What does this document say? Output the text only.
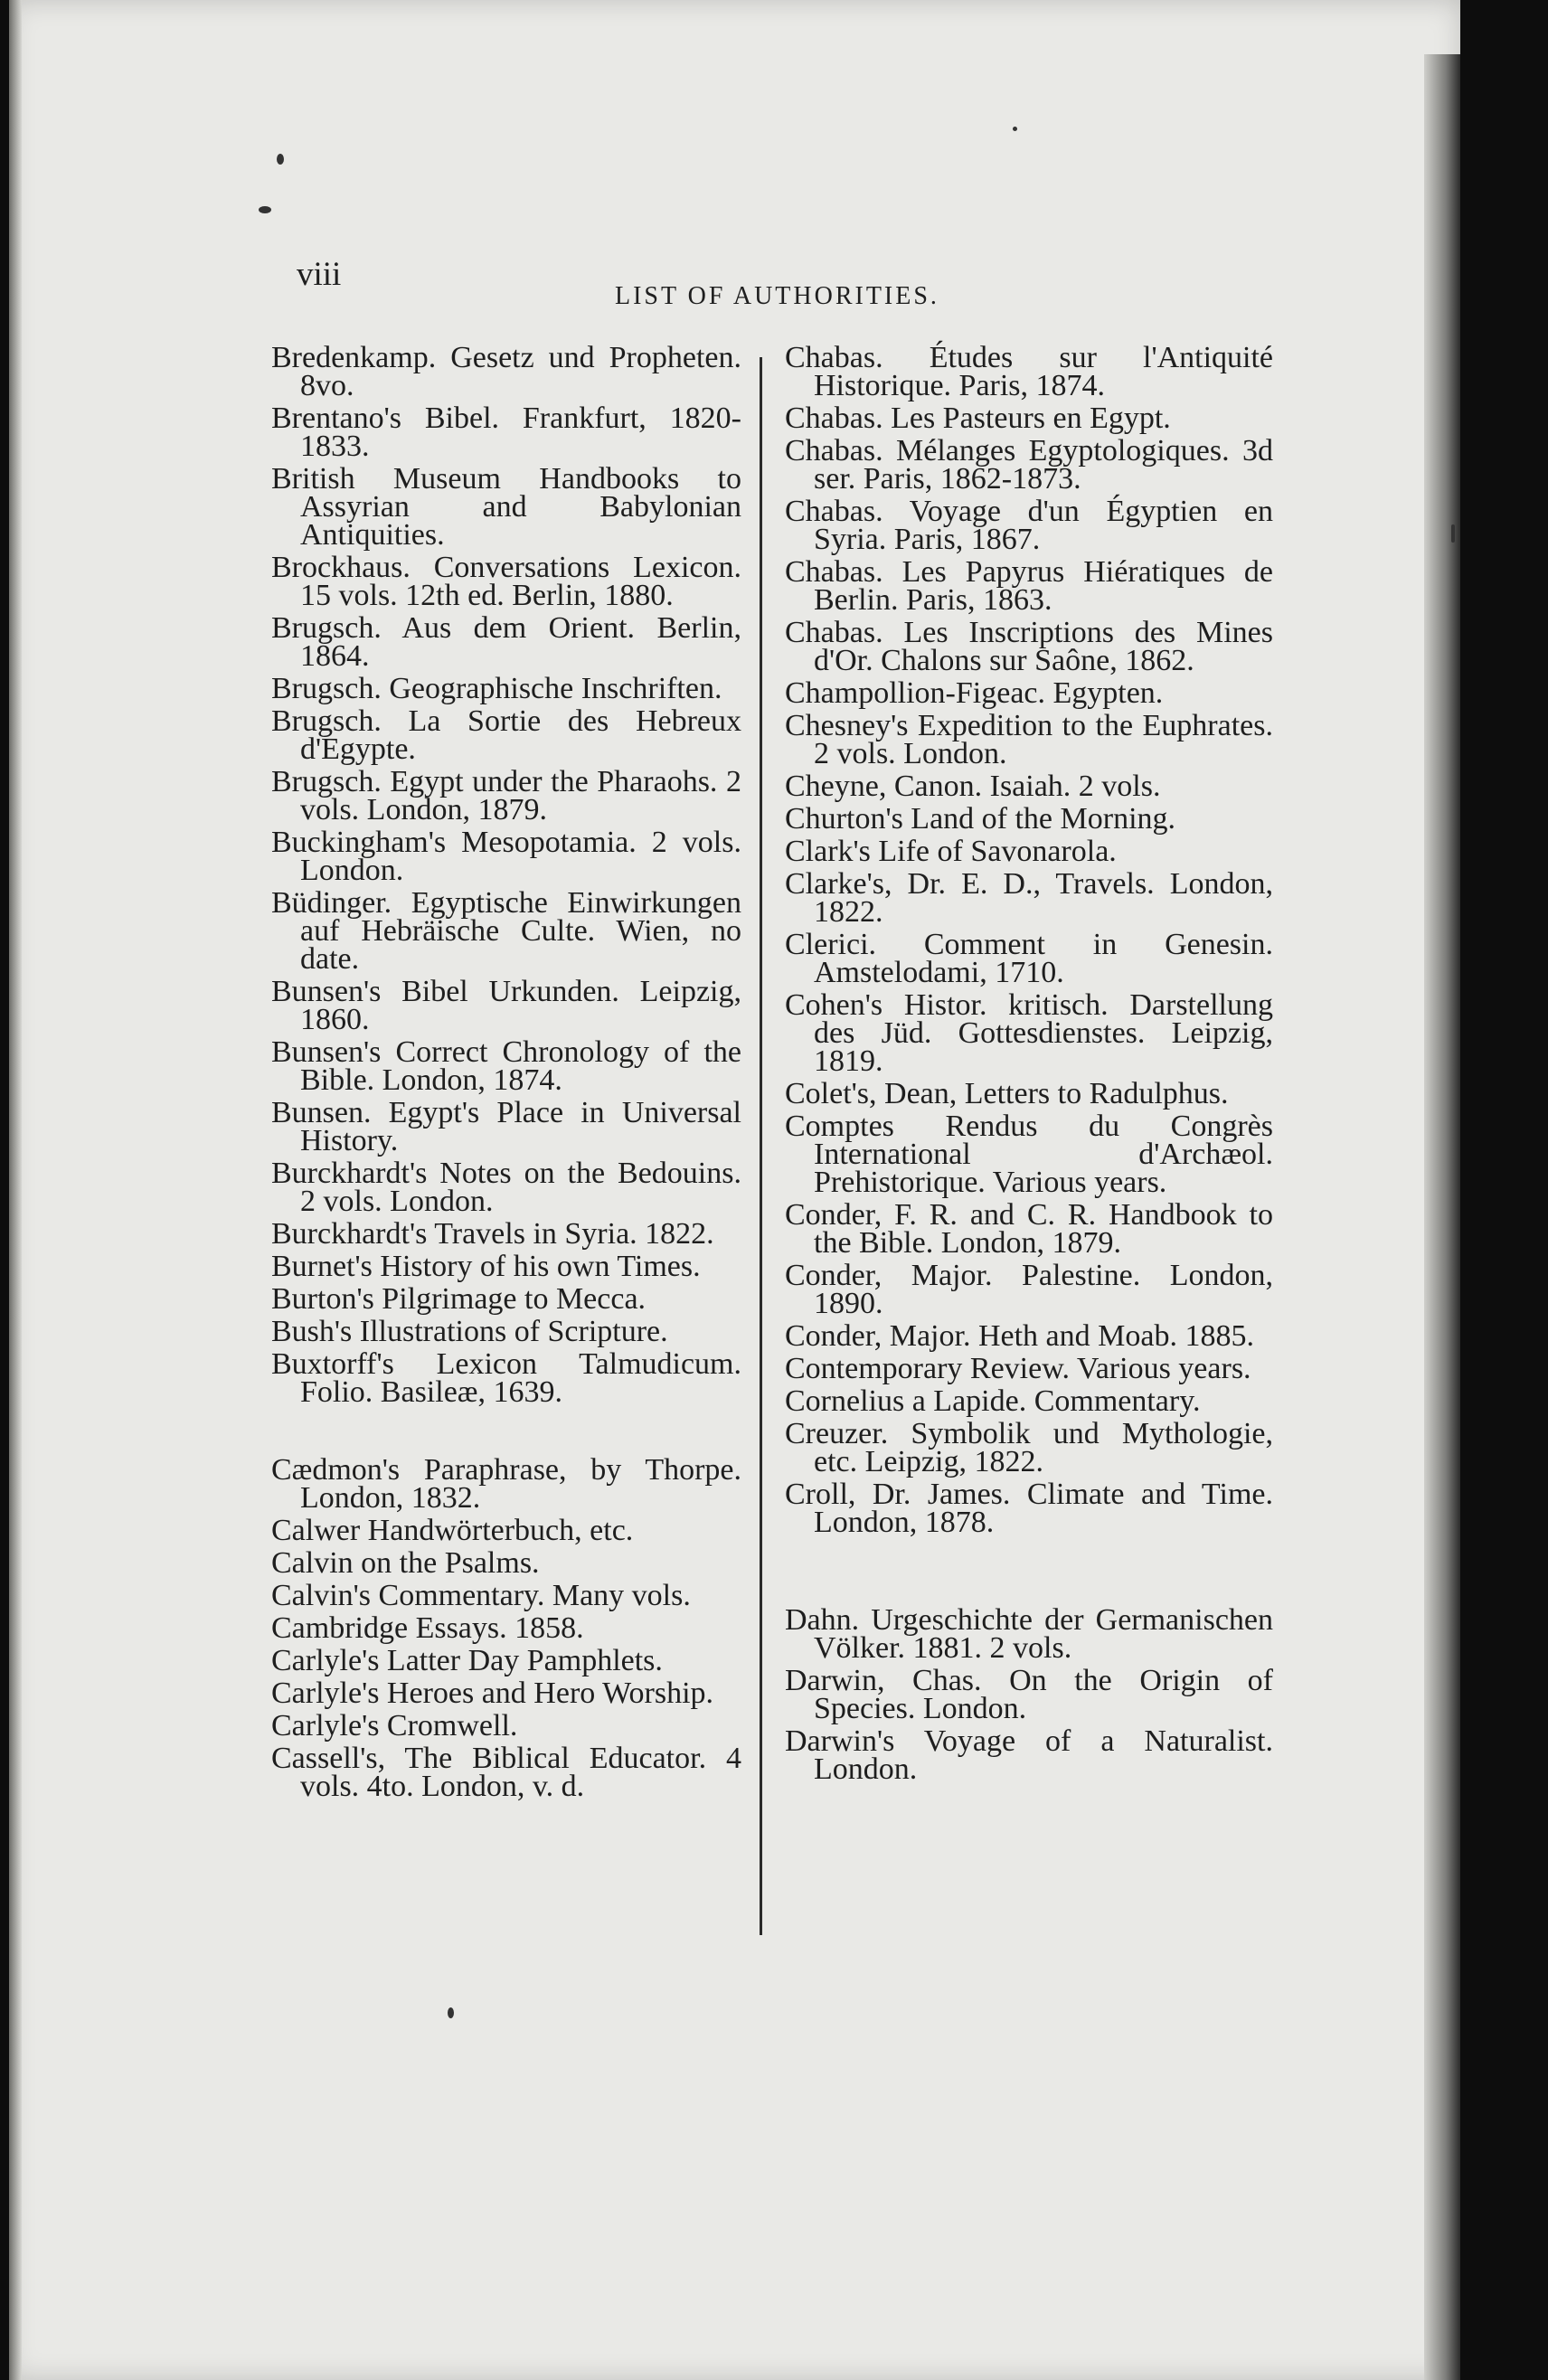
viii
LIST OF AUTHORITIES.

Bredenkamp. Gesetz und Propheten. 8vo.

Brentano's Bibel. Frankfurt, 1820-1833.

British Museum Handbooks to Assyrian and Babylonian Antiquities.

Brockhaus. Conversations Lexicon. 15 vols. 12th ed. Berlin, 1880.

Brugsch. Aus dem Orient. Berlin, 1864.

Brugsch. Geographische Inschriften.

Brugsch. La Sortie des Hebreux d'Egypte.

Brugsch. Egypt under the Pharaohs. 2 vols. London, 1879.

Buckingham's Mesopotamia. 2 vols. London.

Büdinger. Egyptische Einwirkungen auf Hebräische Culte. Wien, no date.

Bunsen's Bibel Urkunden. Leipzig, 1860.

Bunsen's Correct Chronology of the Bible. London, 1874.

Bunsen. Egypt's Place in Universal History.

Burckhardt's Notes on the Bedouins. 2 vols. London.

Burckhardt's Travels in Syria. 1822.

Burnet's History of his own Times.

Burton's Pilgrimage to Mecca.

Bush's Illustrations of Scripture.

Buxtorff's Lexicon Talmudicum. Folio. Basileæ, 1639.

Cædmon's Paraphrase, by Thorpe. London, 1832.

Calwer Handwörterbuch, etc.

Calvin on the Psalms.

Calvin's Commentary. Many vols.

Cambridge Essays. 1858.

Carlyle's Latter Day Pamphlets.

Carlyle's Heroes and Hero Worship.

Carlyle's Cromwell.

Cassell's, The Biblical Educator. 4 vols. 4to. London, v. d.

Chabas. Études sur l'Antiquité Historique. Paris, 1874.

Chabas. Les Pasteurs en Egypt.

Chabas. Mélanges Egyptologiques. 3d ser. Paris, 1862-1873.

Chabas. Voyage d'un Égyptien en Syria. Paris, 1867.

Chabas. Les Papyrus Hiératiques de Berlin. Paris, 1863.

Chabas. Les Inscriptions des Mines d'Or. Chalons sur Saône, 1862.

Champollion-Figeac. Egypten.

Chesney's Expedition to the Euphrates. 2 vols. London.

Cheyne, Canon. Isaiah. 2 vols.

Churton's Land of the Morning.

Clark's Life of Savonarola.

Clarke's, Dr. E. D., Travels. London, 1822.

Clerici. Comment in Genesin. Amstelodami, 1710.

Cohen's Histor. kritisch. Darstellung des Jüd. Gottesdienstes. Leipzig, 1819.

Colet's, Dean, Letters to Radulphus.

Comptes Rendus du Congrès International d'Archæol. Prehistorique. Various years.

Conder, F. R. and C. R. Handbook to the Bible. London, 1879.

Conder, Major. Palestine. London, 1890.

Conder, Major. Heth and Moab. 1885.

Contemporary Review. Various years.

Cornelius a Lapide. Commentary.

Creuzer. Symbolik und Mythologie, etc. Leipzig, 1822.

Croll, Dr. James. Climate and Time. London, 1878.

Dahn. Urgeschichte der Germanischen Völker. 1881. 2 vols.

Darwin, Chas. On the Origin of Species. London.

Darwin's Voyage of a Naturalist. London.
